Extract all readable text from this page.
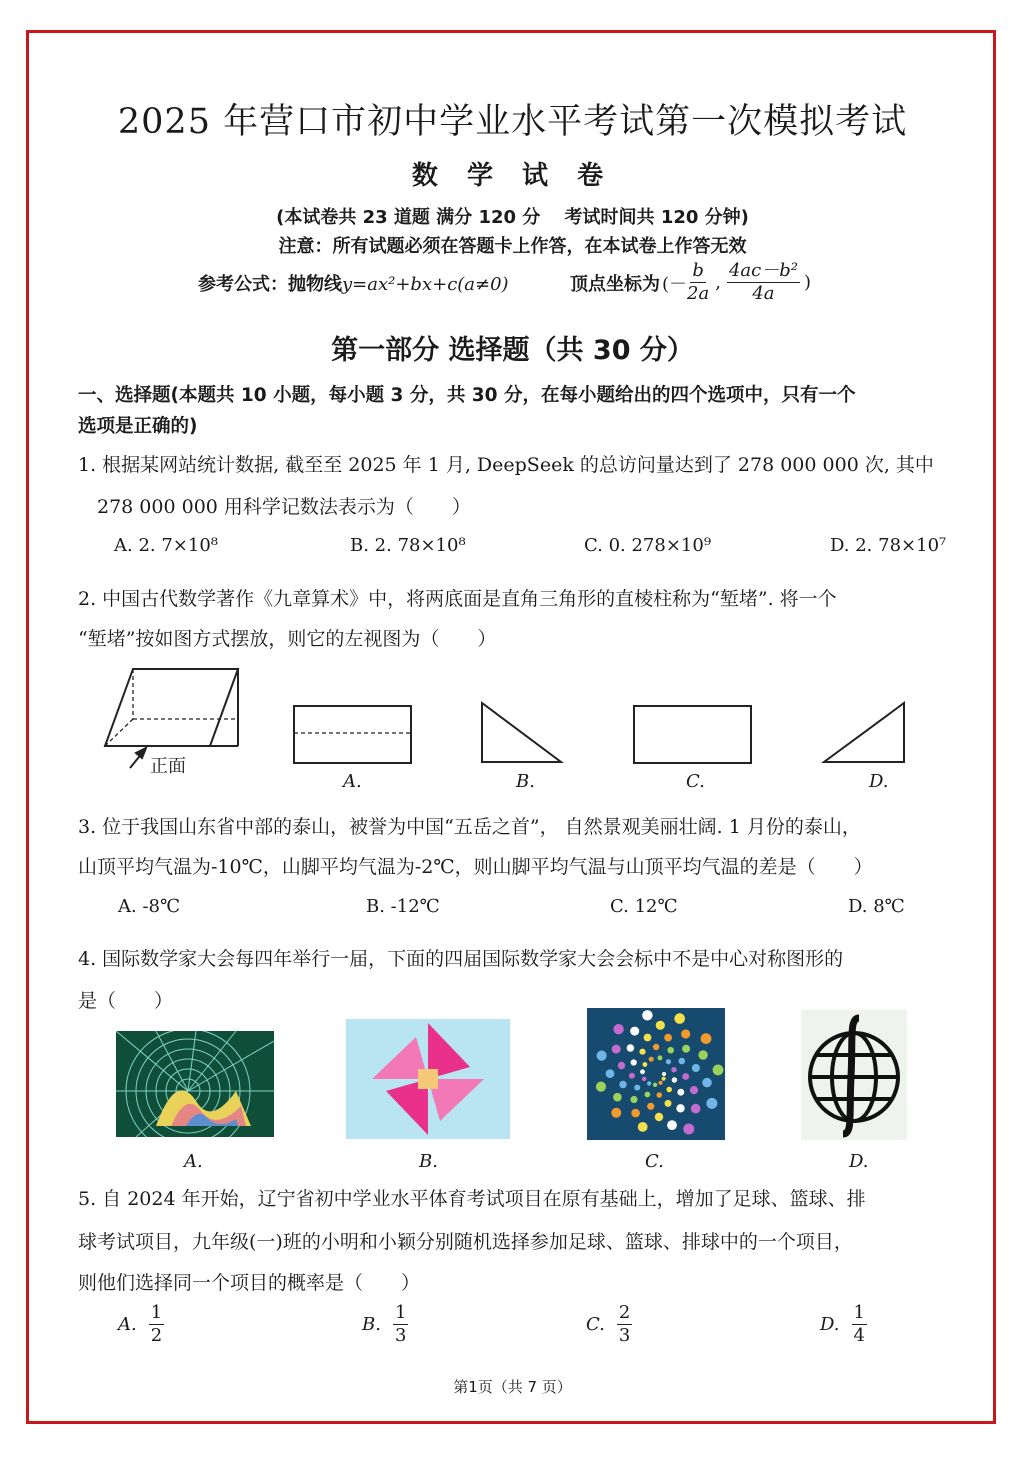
2025 年营口市初中学业水平考试第一次模拟考试
数 学 试 卷
(本试卷共 23 道题 满分 120 分　 考试时间共 120 分钟)
注意：所有试题必须在答题卡上作答，在本试卷上作答无效
参考公式：抛物线y=ax²+bx+c(a≠0)	顶点坐标为 (－ $\frac{b}{2a}$ , $\frac{\text{4ac－b²}}{4a}$ )
第一部分 选择题（共 30 分）
一、选择题(本题共 10 小题，每小题 3 分，共 30 分，在每小题给出的四个选项中，只有一个
选项是正确的)
1. 根据某网站统计数据, 截至至 2025 年 1 月, DeepSeek 的总访问量达到了 278 000 000 次, 其中
278 000 000 用科学记数法表示为（　　）
A. 2. 7×10⁸	B. 2. 78×10⁸	C. 0. 278×10⁹	D. 2. 78×10⁷
2. 中国古代数学著作《九章算术》中，将两底面是直角三角形的直棱柱称为“堑堵”. 将一个
“堑堵”按如图方式摆放，则它的左视图为（　　）
正面
A.	B.	C.	D.
3. 位于我国山东省中部的泰山，被誉为中国“五岳之首”， 自然景观美丽壮阔. 1 月份的泰山，
山顶平均气温为-10℃，山脚平均气温为-2℃，则山脚平均气温与山顶平均气温的差是（　　）
A. -8℃	B. -12℃	C. 12℃	D. 8℃
4. 国际数学家大会每四年举行一届，下面的四届国际数学家大会会标中不是中心对称图形的
是（　　）
A.	B.	C.	D.
5. 自 2024 年开始，辽宁省初中学业水平体育考试项目在原有基础上，增加了足球、篮球、排
球考试项目，九年级(一)班的小明和小颖分别随机选择参加足球、篮球、排球中的一个项目，
则他们选择同一个项目的概率是（　　）
A. $\frac{1}{2}$	B. $\frac{1}{3}$	C. $\frac{2}{3}$	D. $\frac{1}{4}$
第1页（共 7 页）
